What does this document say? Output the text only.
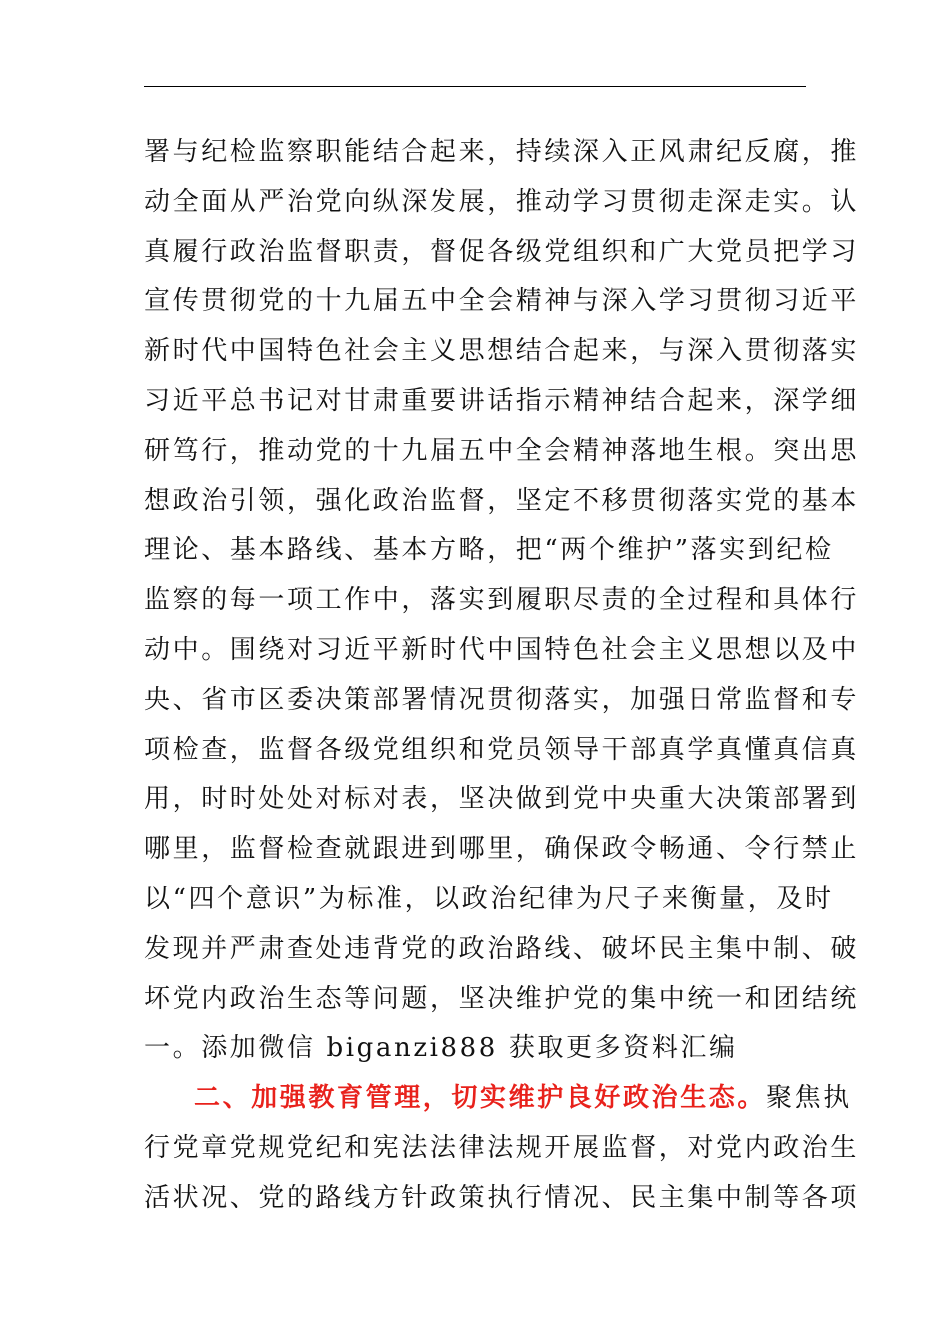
署与纪检监察职能结合起来，持续深入正风肃纪反腐，推
动全面从严治党向纵深发展，推动学习贯彻走深走实。认
真履行政治监督职责，督促各级党组织和广大党员把学习
宣传贯彻党的十九届五中全会精神与深入学习贯彻习近平
新时代中国特色社会主义思想结合起来，与深入贯彻落实
习近平总书记对甘肃重要讲话指示精神结合起来，深学细
研笃行，推动党的十九届五中全会精神落地生根。突出思
想政治引领，强化政治监督，坚定不移贯彻落实党的基本
理论、基本路线、基本方略，把“两个维护”落实到纪检
监察的每一项工作中，落实到履职尽责的全过程和具体行
动中。围绕对习近平新时代中国特色社会主义思想以及中
央、省市区委决策部署情况贯彻落实，加强日常监督和专
项检查，监督各级党组织和党员领导干部真学真懂真信真
用，时时处处对标对表，坚决做到党中央重大决策部署到
哪里，监督检查就跟进到哪里，确保政令畅通、令行禁止
以“四个意识”为标准，以政治纪律为尺子来衡量，及时
发现并严肃查处违背党的政治路线、破坏民主集中制、破
坏党内政治生态等问题，坚决维护党的集中统一和团结统
一。添加微信 biganzi888 获取更多资料汇编
二、加强教育管理，切实维护良好政治生态。聚焦执
行党章党规党纪和宪法法律法规开展监督，对党内政治生
活状况、党的路线方针政策执行情况、民主集中制等各项
